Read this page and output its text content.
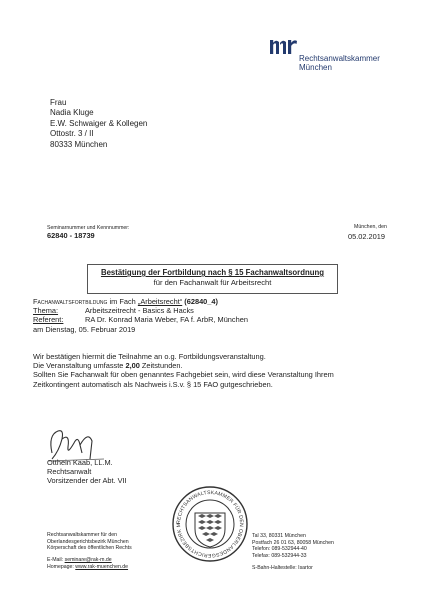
Rechtsanwaltskammer
München
Frau
Nadia Kluge
E.W. Schwaiger & Kollegen
Ottostr. 3 / II
80333 München
Seminarnummer und Kennnummer:
62840 - 18739
München, den
05.02.2019
Bestätigung der Fortbildung nach § 15 Fachanwaltsordnung
für den Fachanwalt für Arbeitsrecht
Fachanwaltsfortbildung im Fach „Arbeitsrecht“ (62840_4)
Thema:	Arbeitszeitrecht - Basics & Hacks
Referent:	RA Dr. Konrad Maria Weber, FA f. ArbR, München
am Dienstag, 05. Februar 2019
Wir bestätigen hiermit die Teilnahme an o.g. Fortbildungsveranstaltung.
Die Veranstaltung umfasste 2,00 Zeitstunden.
Sollten Sie Fachanwalt für oben genanntes Fachgebiet sein, wird diese Veranstaltung Ihrem
Zeitkontingent automatisch als Nachweis i.S.v. § 15 FAO gutgeschrieben.
Otthein Kaab, LL.M.
Rechtsanwalt
Vorsitzender der Abt. VII
RECHTSANWALTSKAMMER FÜR DEN OBERLANDESGERICHTSBEZIRK M
Rechtsanwaltskammer für den
Oberlandesgerichtsbezirk München
Körperschaft des öffentlichen Rechts
E-Mail: seminare@rak-m.de
Homepage: www.rak-muenchen.de
Tal 33, 80331 München
Postfach 26 01 63, 80058 München
Telefon: 089-532944-40
Telefax: 089-532944-33
S-Bahn-Haltestelle: Isartor
